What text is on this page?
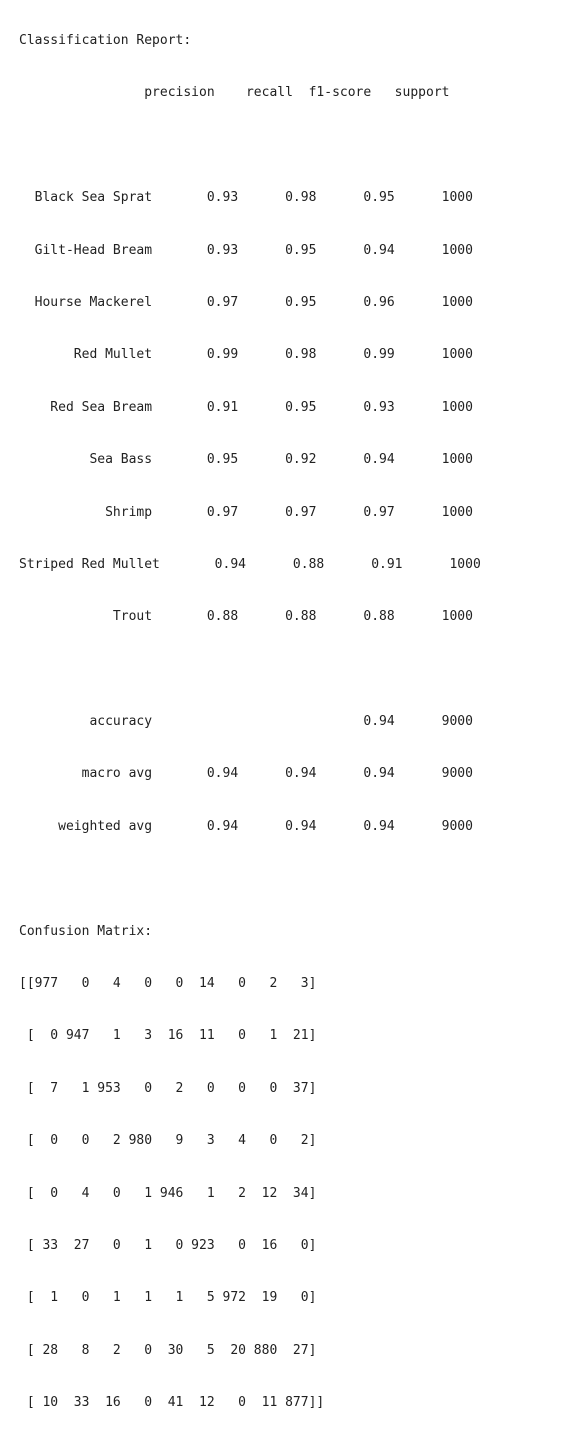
Classification Report:

precision    recall  f1-score   support

Black Sea Sprat       0.93      0.98      0.95      1000

Gilt-Head Bream       0.93      0.95      0.94      1000

Hourse Mackerel       0.97      0.95      0.96      1000

Red Mullet       0.99      0.98      0.99      1000

Red Sea Bream       0.91      0.95      0.93      1000

Sea Bass       0.95      0.92      0.94      1000

Shrimp       0.97      0.97      0.97      1000

Striped Red Mullet       0.94      0.88      0.91      1000

Trout       0.88      0.88      0.88      1000

accuracy                           0.94      9000

macro avg       0.94      0.94      0.94      9000

weighted avg       0.94      0.94      0.94      9000

Confusion Matrix:

[[977   0   4   0   0  14   0   2   3]

[  0 947   1   3  16  11   0   1  21]

[  7   1 953   0   2   0   0   0  37]

[  0   0   2 980   9   3   4   0   2]

[  0   4   0   1 946   1   2  12  34]

[ 33  27   0   1   0 923   0  16   0]

[  1   0   1   1   1   5 972  19   0]

[ 28   8   2   0  30   5  20 880  27]

[ 10  33  16   0  41  12   0  11 877]]
